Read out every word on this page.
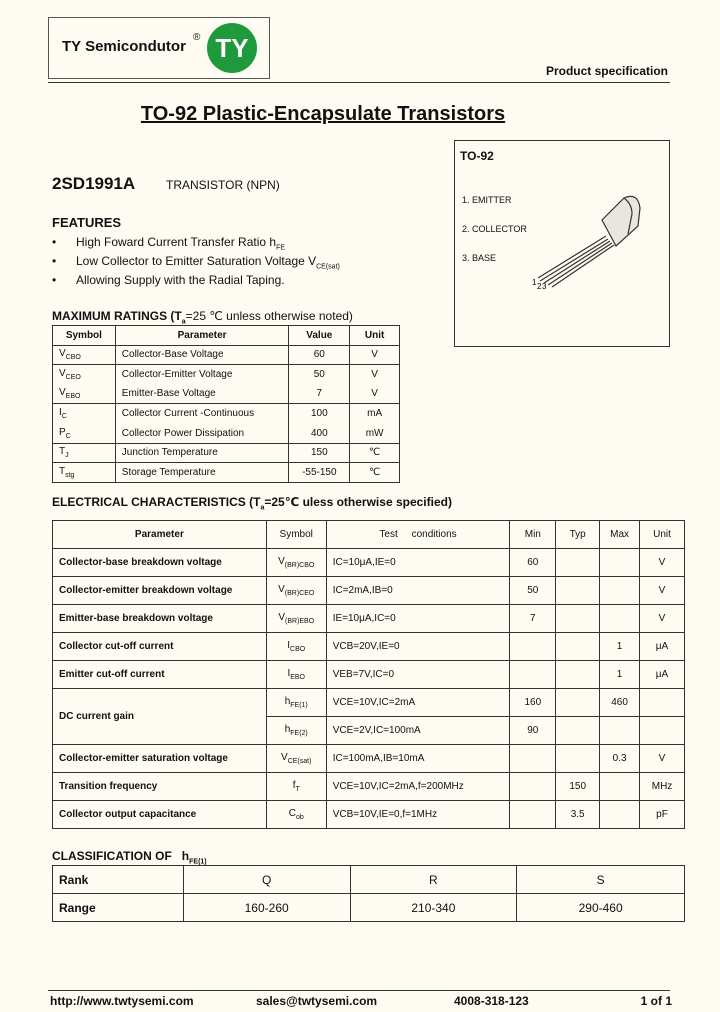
TY Semicondutor
® TY
Product specification
TO-92 Plastic-Encapsulate Transistors
2SD1991A	TRANSISTOR (NPN)
FEATURES
• High Foward Current Transfer Ratio $h_{FE}$
• Low Collector to Emitter Saturation Voltage $V_{CE(sat)}$
• Allowing Supply with the Radial Taping.
TO-92
1. EMITTER
2. COLLECTOR
3. BASE
1 2 3
MAXIMUM RATINGS ($T_a=25$ ℃ unless otherwise noted)
Symbol	Parameter	Value	Unit
$V_{CBO}$	Collector-Base Voltage	60	V
$V_{CEO}$	Collector-Emitter Voltage	50	V
$V_{EBO}$	Emitter-Base Voltage	7	V
$I_C$	Collector Current -Continuous	100	mA
$P_C$	Collector Power Dissipation	400	mW
$T_J$	Junction Temperature	150	℃
$T_{stg}$	Storage Temperature	-55-150	℃
ELECTRICAL CHARACTERISTICS ($T_a=25℃$ uless otherwise specified)
Parameter	Symbol	Test     conditions	Min	Typ	Max	Unit
Collector-base breakdown voltage	$V_{(BR)CBO}$	IC=10μA,IE=0	60			V
Collector-emitter breakdown voltage	$V_{(BR)CEO}$	IC=2mA,IB=0	50			V
Emitter-base breakdown voltage	$V_{(BR)EBO}$	IE=10μA,IC=0	7			V
Collector cut-off current	$I_{CBO}$	VCB=20V,IE=0			1	μA
Emitter cut-off current	$I_{EBO}$	VEB=7V,IC=0			1	μA
DC current gain	$h_{FE(1)}$	VCE=10V,IC=2mA	160		460	
	$h_{FE(2)}$	VCE=2V,IC=100mA	90			
Collector-emitter saturation voltage	$V_{CE(sat)}$	IC=100mA,IB=10mA			0.3	V
Transition frequency	$f_T$	VCE=10V,IC=2mA,f=200MHz		150		MHz
Collector output capacitance	$C_{ob}$	VCB=10V,IE=0,f=1MHz		3.5		pF
CLASSIFICATION OF $h_{FE(1)}$
Rank	Q	R	S
Range	160-260	210-340	290-460
http://www.twtysemi.com	sales@twtysemi.com	4008-318-123	1 of 1
